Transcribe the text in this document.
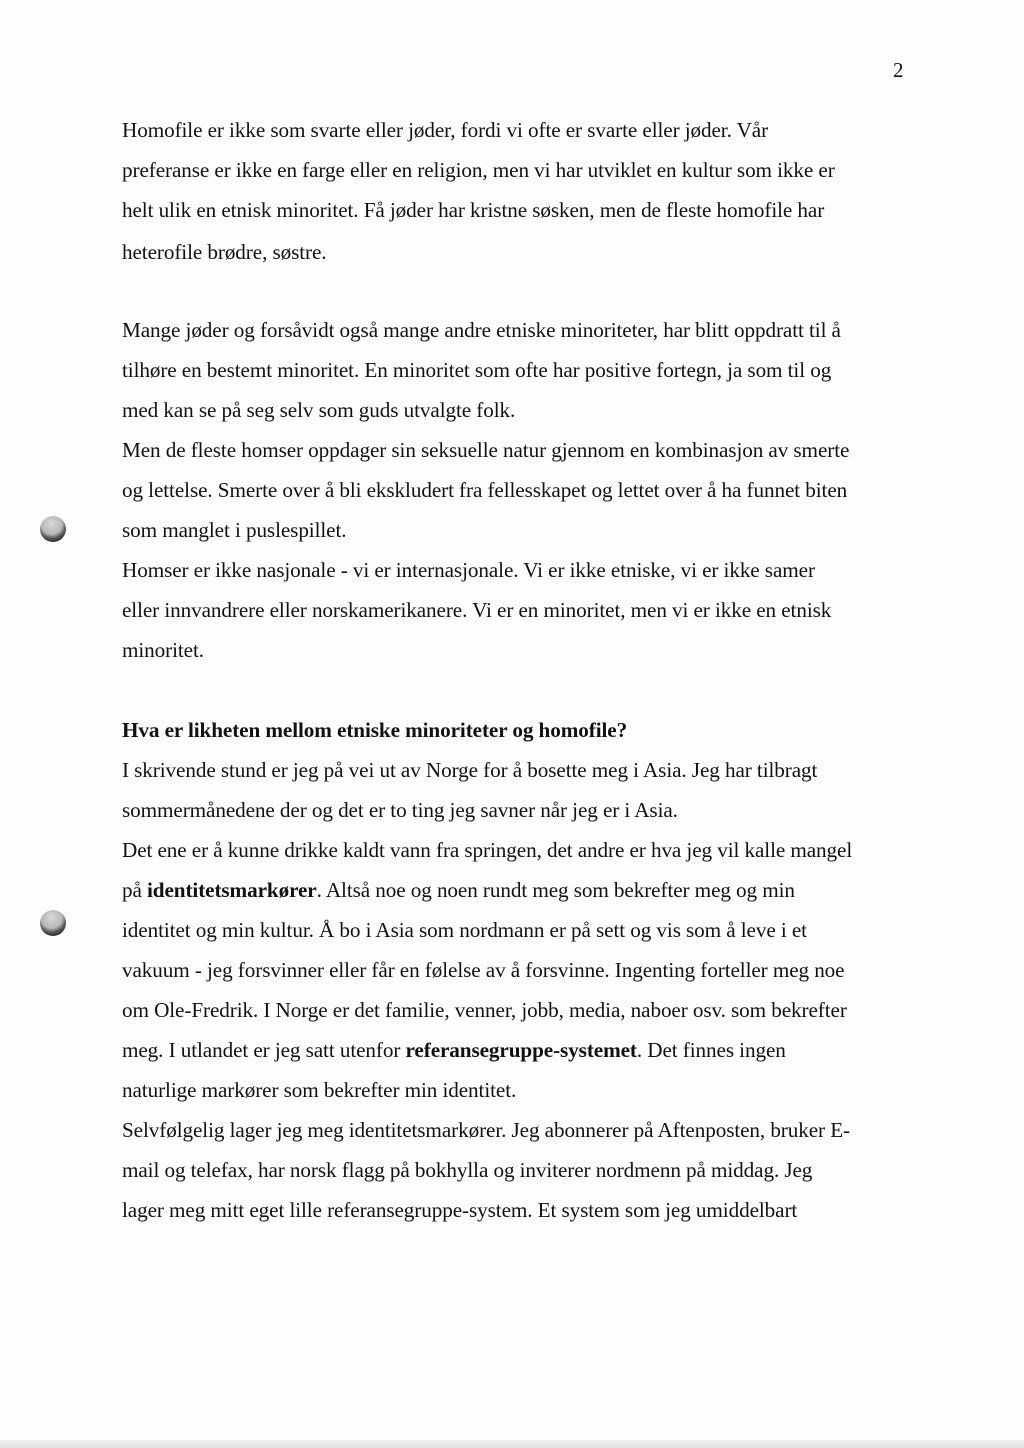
2
Homofile er ikke som svarte eller jøder, fordi vi ofte er svarte eller jøder. Vår
preferanse er ikke en farge eller en religion, men vi har utviklet en kultur som ikke er
helt ulik en etnisk minoritet. Få jøder har kristne søsken, men de fleste homofile har
heterofile brødre, søstre.
Mange jøder og forsåvidt også mange andre etniske minoriteter, har blitt oppdratt til å
tilhøre en bestemt minoritet. En minoritet som ofte har positive fortegn, ja som til og
med kan se på seg selv som guds utvalgte folk.
Men de fleste homser oppdager sin seksuelle natur gjennom en kombinasjon av smerte
og lettelse. Smerte over å bli ekskludert fra fellesskapet og lettet over å ha funnet biten
som manglet i puslespillet.
Homser er ikke nasjonale - vi er internasjonale. Vi er ikke etniske, vi er ikke samer
eller innvandrere eller norskamerikanere. Vi er en minoritet, men vi er ikke en etnisk
minoritet.
Hva er likheten mellom etniske minoriteter og homofile?
I skrivende stund er jeg på vei ut av Norge for å bosette meg i Asia. Jeg har tilbragt
sommermånedene der og det er to ting jeg savner når jeg er i Asia.
Det ene er å kunne drikke kaldt vann fra springen, det andre er hva jeg vil kalle mangel
på identitetsmarkører. Altså noe og noen rundt meg som bekrefter meg og min
identitet og min kultur. Å bo i Asia som nordmann er på sett og vis som å leve i et
vakuum - jeg forsvinner eller får en følelse av å forsvinne. Ingenting forteller meg noe
om Ole-Fredrik. I Norge er det familie, venner, jobb, media, naboer osv. som bekrefter
meg. I utlandet er jeg satt utenfor referansegruppe-systemet. Det finnes ingen
naturlige markører som bekrefter min identitet.
Selvfølgelig lager jeg meg identitetsmarkører. Jeg abonnerer på Aftenposten, bruker E-
mail og telefax, har norsk flagg på bokhylla og inviterer nordmenn på middag. Jeg
lager meg mitt eget lille referansegruppe-system. Et system som jeg umiddelbart
